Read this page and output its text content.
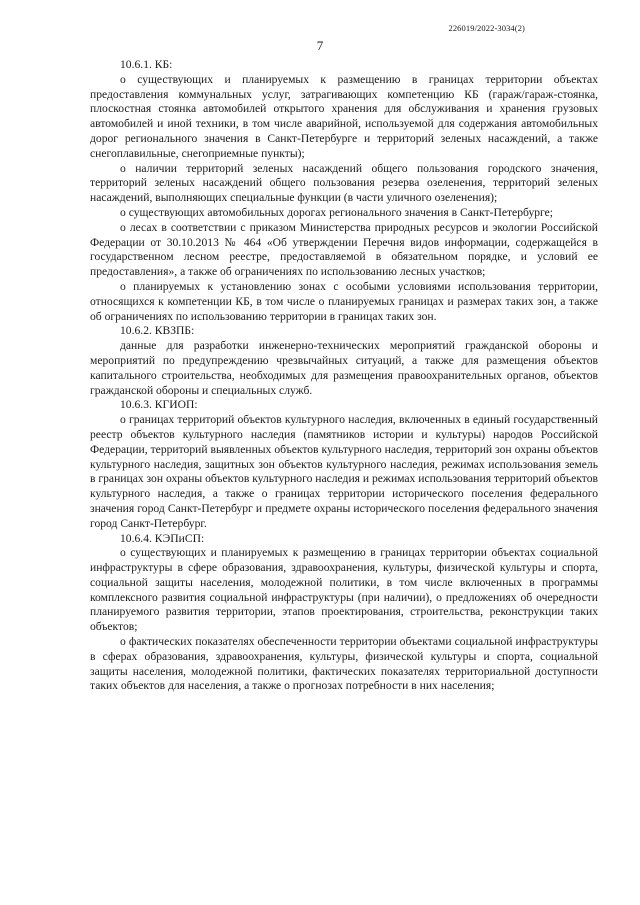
226019/2022-3034(2)
7

10.6.1. КБ:

о существующих и планируемых к размещению в границах территории объектах предоставления коммунальных услуг, затрагивающих компетенцию КБ (гараж/гараж-стоянка, плоскостная стоянка автомобилей открытого хранения для обслуживания и хранения грузовых автомобилей и иной техники, в том числе аварийной, используемой для содержания автомобильных дорог регионального значения в Санкт-Петербурге и территорий зеленых насаждений, а также снегоплавильные, снегоприемные пункты);

о наличии территорий зеленых насаждений общего пользования городского значения, территорий зеленых насаждений общего пользования резерва озеленения, территорий зеленых насаждений, выполняющих специальные функции (в части уличного озеленения);

о существующих автомобильных дорогах регионального значения в Санкт-Петербурге;

о лесах в соответствии с приказом Министерства природных ресурсов и экологии Российской Федерации от 30.10.2013 № 464 «Об утверждении Перечня видов информации, содержащейся в государственном лесном реестре, предоставляемой в обязательном порядке, и условий ее предоставления», а также об ограничениях по использованию лесных участков;

о планируемых к установлению зонах с особыми условиями использования территории, относящихся к компетенции КБ, в том числе о планируемых границах и размерах таких зон, а также об ограничениях по использованию территории в границах таких зон.

10.6.2. КВЗПБ:

данные для разработки инженерно-технических мероприятий гражданской обороны и мероприятий по предупреждению чрезвычайных ситуаций, а также для размещения объектов капитального строительства, необходимых для размещения правоохранительных органов, объектов гражданской обороны и специальных служб.

10.6.3. КГИОП:

о границах территорий объектов культурного наследия, включенных в единый государственный реестр объектов культурного наследия (памятников истории и культуры) народов Российской Федерации, территорий выявленных объектов культурного наследия, территорий зон охраны объектов культурного наследия, защитных зон объектов культурного наследия, режимах использования земель в границах зон охраны объектов культурного наследия и режимах использования территорий объектов культурного наследия, а также о границах территории исторического поселения федерального значения город Санкт-Петербург и предмете охраны исторического поселения федерального значения город Санкт-Петербург.

10.6.4. КЭПиСП:

о существующих и планируемых к размещению в границах территории объектах социальной инфраструктуры в сфере образования, здравоохранения, культуры, физической культуры и спорта, социальной защиты населения, молодежной политики, в том числе включенных в программы комплексного развития социальной инфраструктуры (при наличии), о предложениях об очередности планируемого развития территории, этапов проектирования, строительства, реконструкции таких объектов;

о фактических показателях обеспеченности территории объектами социальной инфраструктуры в сферах образования, здравоохранения, культуры, физической культуры и спорта, социальной защиты населения, молодежной политики, фактических показателях территориальной доступности таких объектов для населения, а также о прогнозах потребности в них населения;
